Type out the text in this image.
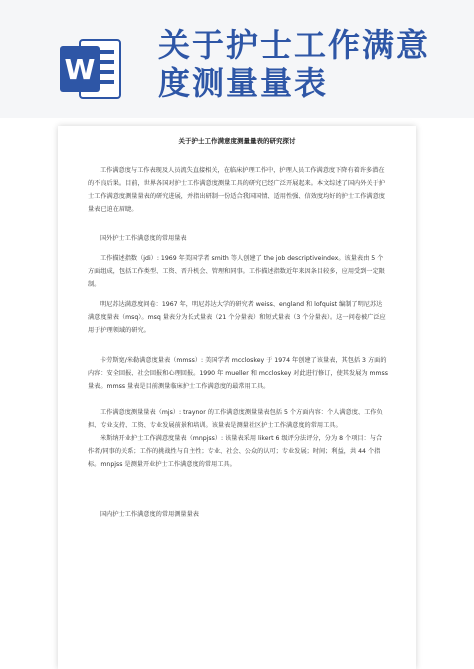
W
关于护士工作满意
度测量量表
关于护士工作满意度测量量表的研究探讨
工作满意度与工作表现及人员流失直接相关，在临床护理工作中，护理人员工作满意度下降有着许多潜在的不良后果。目前，世界各国对护士工作满意度测量工具的研究已经广泛开展起来。本文综述了国内外关于护士工作满意度测量量表的研究进展，并指出研制一份适合我国国情、适用性强、信效度均好的护士工作满意度量表已迫在眉睫。
国外护士工作满意度的常用量表
工作描述指数（jdi）: 1969 年美国学者 smith 等人创建了 the job descriptiveindex。该量表由 5 个方面组成，包括工作类型、工资、晋升机会、管理和同事。工作描述指数近年来因条目较多，应用受到一定限制。
明尼苏达满意度问卷：1967 年，明尼苏达大学的研究者 weiss、england 和 lofquist 编制了明尼苏达满意度量表（msq）。msq 量表分为长式量表（21 个分量表）和短式量表（3 个分量表）。这一问卷被广泛应用于护理领域的研究。
卡劳斯宽/米勒满意度量表（mmss）: 美国学者 mccloskey 于 1974 年创建了该量表，其包括 3 方面的内容：安全回报、社会回报和心理回报。1990 年 mueller 和 mccloskey 对此进行修订，使其发展为 mmss 量表。mmss 量表是目前测量临床护士工作满意度的最常用工具。
工作满意度测量量表（mjs）: traynor 的工作满意度测量量表包括 5 个方面内容：个人满意度、工作负担、专业支持、工资、专业发展前景和培训。该量表是测量社区护士工作满意度的常用工具。
米斯纳开业护士工作满意度量表（mnpjss）: 该量表采用 likert 6 级评分法评分，分为 8 个项目：与合作者/同事的关系；工作的挑战性与自主性；专业、社会、公众的认可；专业发展；时间；利益，共 44 个指标。mnpjss 是测量开业护士工作满意度的常用工具。
国内护士工作满意度的常用测量量表
